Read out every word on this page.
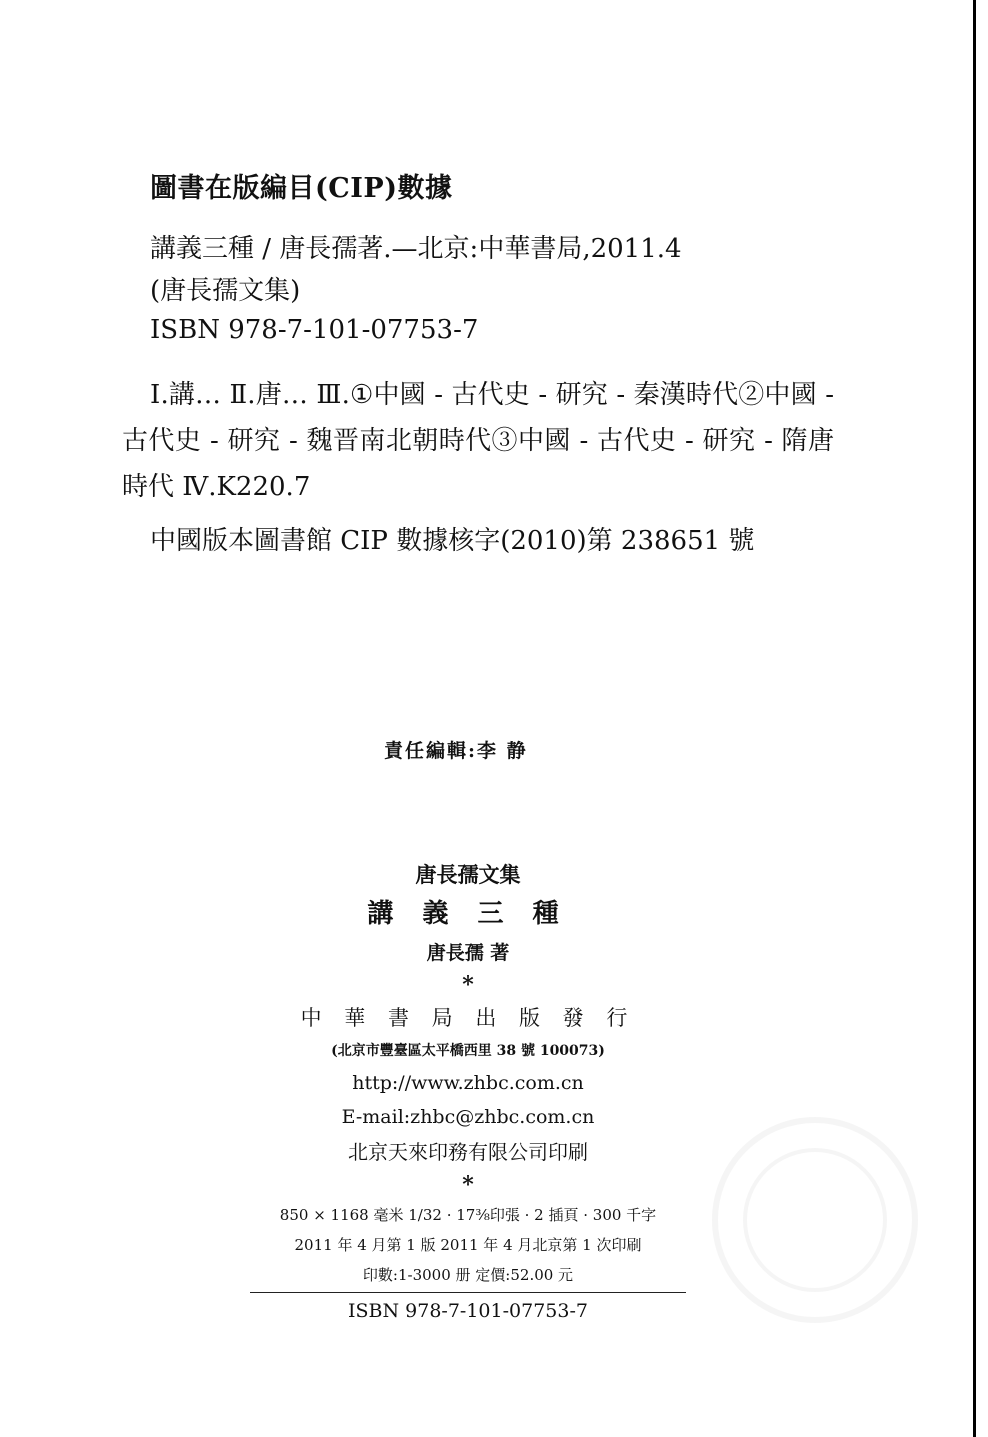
圖書在版編目(CIP)數據
講義三種 / 唐長孺著.—北京:中華書局,2011.4
(唐長孺文集)
ISBN 978-7-101-07753-7
Ⅰ.講… Ⅱ.唐… Ⅲ.①中國 - 古代史 - 研究 - 秦漢時代②中國 - 古代史 - 研究 - 魏晋南北朝時代③中國 - 古代史 - 研究 - 隋唐時代 Ⅳ.K220.7
中國版本圖書館 CIP 數據核字(2010)第 238651 號
責任編輯:李 静
唐長孺文集
講 義 三 種
唐長孺 著
*
中 華 書 局 出 版 發 行
(北京市豐臺區太平橋西里 38 號 100073)
http://www.zhbc.com.cn
E-mail:zhbc@zhbc.com.cn
北京天來印務有限公司印刷
*
850 × 1168 毫米 1/32 · 17⅜印張 · 2 插頁 · 300 千字
2011 年 4 月第 1 版 2011 年 4 月北京第 1 次印刷
印數:1-3000 册 定價:52.00 元
ISBN 978-7-101-07753-7
